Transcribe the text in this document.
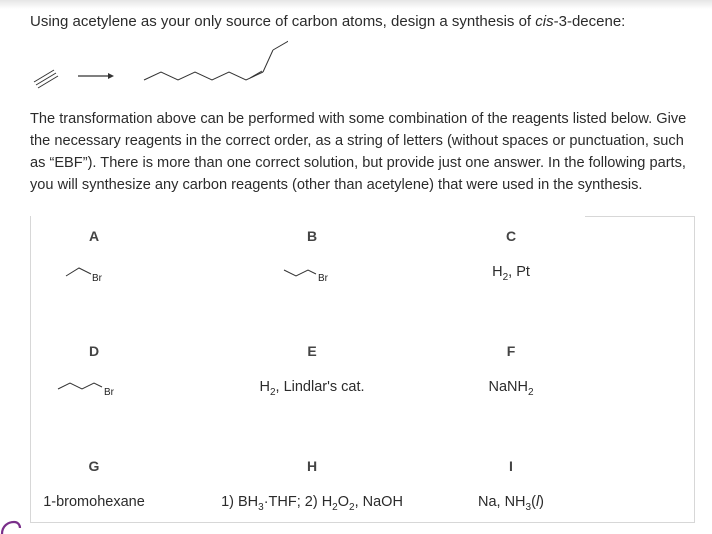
Using acetylene as your only source of carbon atoms, design a synthesis of cis-3-decene:
The transformation above can be performed with some combination of the reagents listed below. Give the necessary reagents in the correct order, as a string of letters (without spaces or punctuation, such as “EBF”). There is more than one correct solution, but provide just one answer. In the following parts, you will synthesize any carbon reagents (other than acetylene) that were used in the synthesis.
A
Br
B
Br
C
$H_2$, Pt
D
Br
E
$H_2$, Lindlar's cat.
F
NaNH$_2$
G
1-bromohexane
H
1) $BH_3\cdot THF$; 2) $H_2O_2$, NaOH
I
Na, $NH_3(l)$
